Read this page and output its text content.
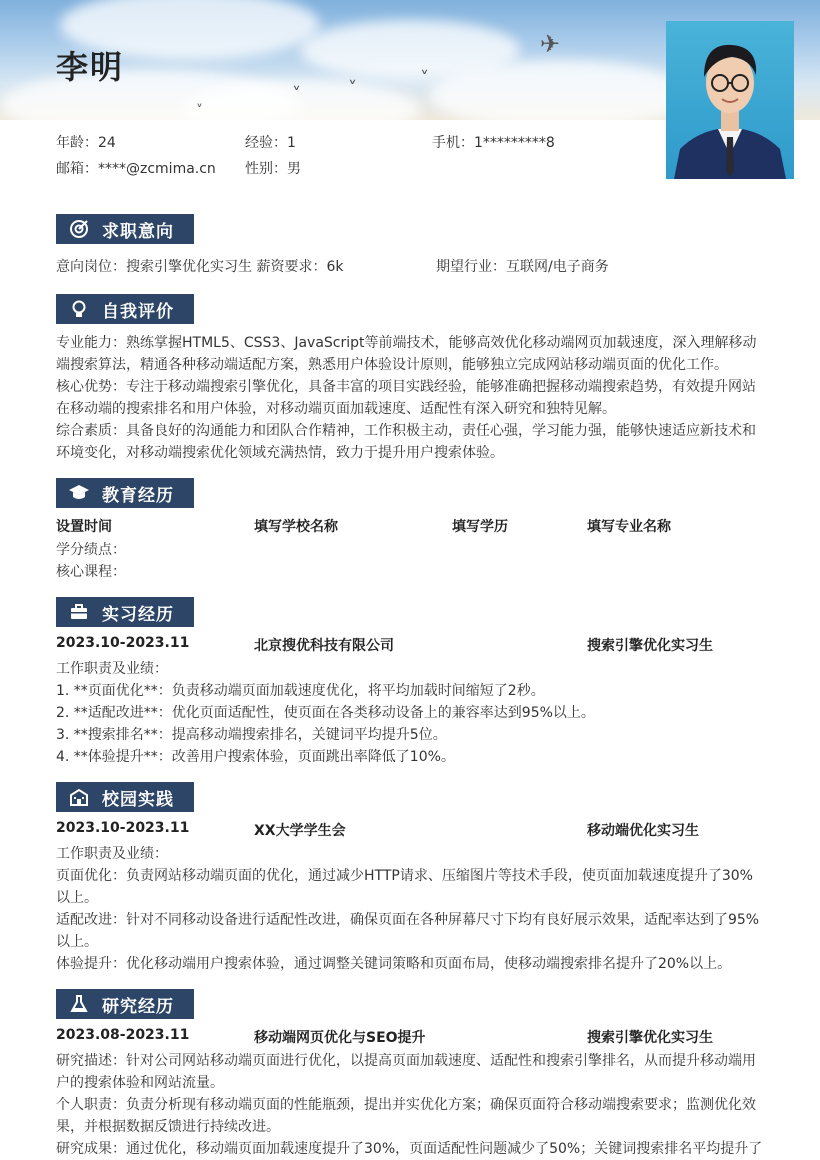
✈
˅
˅
˅
˅
李明
年龄：24	经验：1	手机：1*********8
邮箱：****@zcmima.cn 性别：男
求职意向
意向岗位：搜索引擎优化实习生 薪资要求：6k	期望行业：互联网/电子商务
自我评价
专业能力：熟练掌握HTML5、CSS3、JavaScript等前端技术，能够高效优化移动端网页加载速度，深入理解移动
端搜索算法，精通各种移动端适配方案，熟悉用户体验设计原则，能够独立完成网站移动端页面的优化工作。
核心优势：专注于移动端搜索引擎优化，具备丰富的项目实践经验，能够准确把握移动端搜索趋势，有效提升网站
在移动端的搜索排名和用户体验，对移动端页面加载速度、适配性有深入研究和独特见解。
综合素质：具备良好的沟通能力和团队合作精神，工作积极主动，责任心强，学习能力强，能够快速适应新技术和
环境变化，对移动端搜索优化领域充满热情，致力于提升用户搜索体验。
教育经历
设置时间	填写学校名称	填写学历	填写专业名称
学分绩点：
核心课程：
实习经历
2023.10-2023.11	北京搜优科技有限公司	搜索引擎优化实习生
工作职责及业绩：
1. **页面优化**：负责移动端页面加载速度优化，将平均加载时间缩短了2秒。
2. **适配改进**：优化页面适配性，使页面在各类移动设备上的兼容率达到95%以上。
3. **搜索排名**：提高移动端搜索排名，关键词平均提升5位。
4. **体验提升**：改善用户搜索体验，页面跳出率降低了10%。
校园实践
2023.10-2023.11	XX大学学生会	移动端优化实习生
工作职责及业绩：
页面优化：负责网站移动端页面的优化，通过减少HTTP请求、压缩图片等技术手段，使页面加载速度提升了30%
以上。
适配改进：针对不同移动设备进行适配性改进，确保页面在各种屏幕尺寸下均有良好展示效果，适配率达到了95%
以上。
体验提升：优化移动端用户搜索体验，通过调整关键词策略和页面布局，使移动端搜索排名提升了20%以上。
研究经历
2023.08-2023.11	移动端网页优化与SEO提升	搜索引擎优化实习生
研究描述：针对公司网站移动端页面进行优化，以提高页面加载速度、适配性和搜索引擎排名，从而提升移动端用
户的搜索体验和网站流量。
个人职责：负责分析现有移动端页面的性能瓶颈，提出并实优化方案；确保页面符合移动端搜索要求；监测优化效
果，并根据数据反馈进行持续改进。
研究成果：通过优化，移动端页面加载速度提升了30%，页面适配性问题减少了50%；关键词搜索排名平均提升了
